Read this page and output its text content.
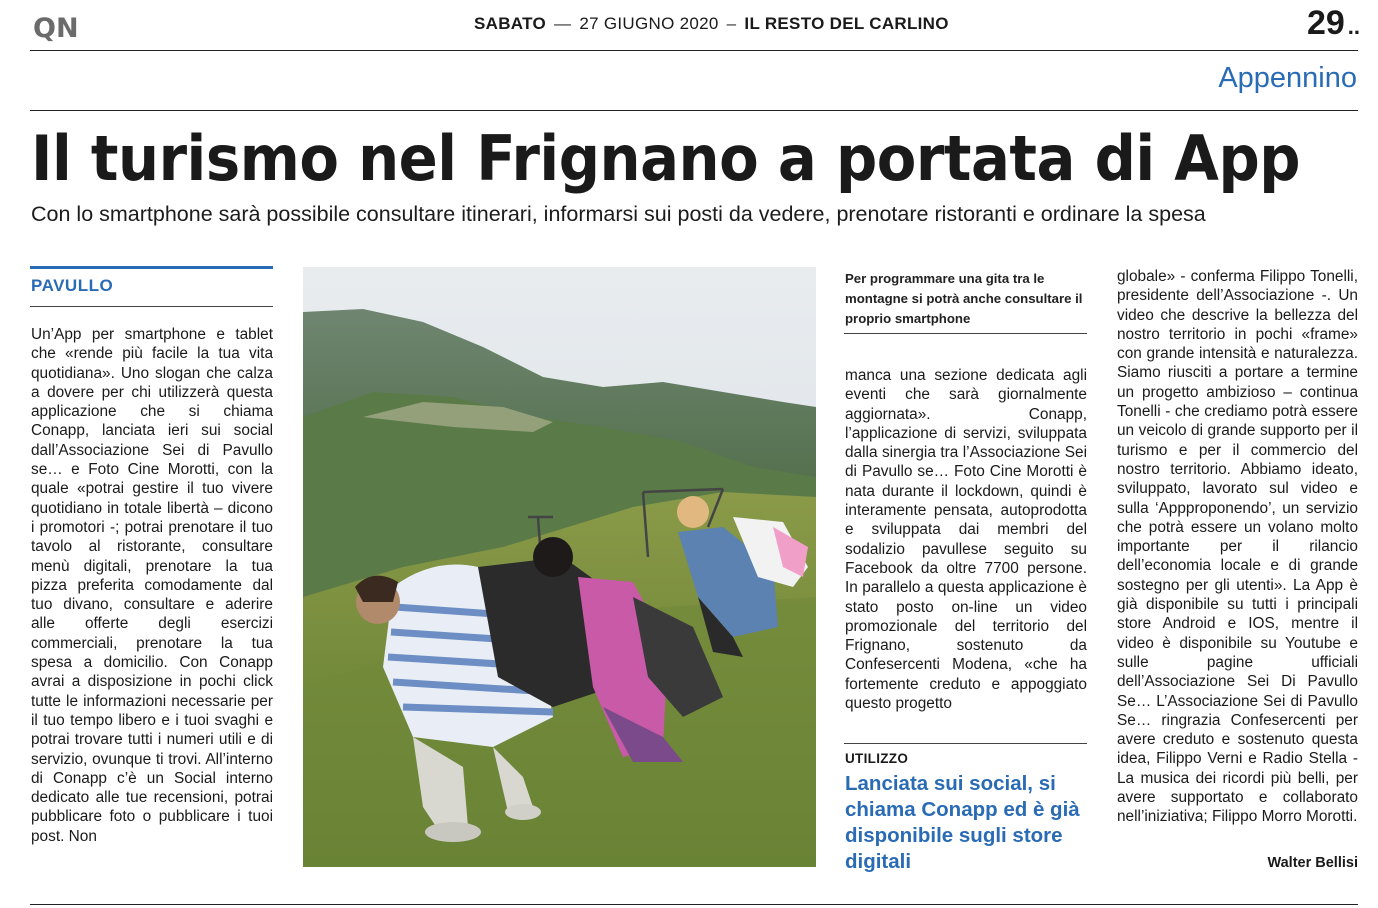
QN	SABATO — 27 GIUGNO 2020 – IL RESTO DEL CARLINO	29 ..
Appennino
Il turismo nel Frignano a portata di App
Con lo smartphone sarà possibile consultare itinerari, informarsi sui posti da vedere, prenotare ristoranti e ordinare la spesa
PAVULLO

Un’App per smartphone e tablet che «rende più facile la tua vita quotidiana». Uno slogan che calza a dovere per chi utilizzerà questa applicazione che si chiama Conapp, lanciata ieri sui social dall’Associazione Sei di Pavullo se… e Foto Cine Morotti, con la quale «potrai gestire il tuo vivere quotidiano in totale libertà – dicono i promotori -; potrai prenotare il tuo tavolo al ristorante, consultare menù digitali, prenotare la tua pizza preferita comodamente dal tuo divano, consultare e aderire alle offerte degli esercizi commerciali, prenotare la tua spesa a domicilio. Con Conapp avrai a disposizione in pochi click tutte le informazioni necessarie per il tuo tempo libero e i tuoi svaghi e potrai trovare tutti i numeri utili e di servizio, ovunque ti trovi. All’interno di Conapp c’è un Social interno dedicato alle tue recensioni, potrai pubblicare foto o pubblicare i tuoi post. Non

Per programmare una gita tra le montagne si potrà anche consultare il proprio smartphone

manca una sezione dedicata agli eventi che sarà giornalmente aggiornata». Conapp, l’applicazione di servizi, sviluppata dalla sinergia tra l’Associazione Sei di Pavullo se… Foto Cine Morotti è nata durante il lockdown, quindi è interamente pensata, autoprodotta e sviluppata dai membri del sodalizio pavullese seguito su Facebook da oltre 7700 persone. In parallelo a questa applicazione è stato posto on-line un video promozionale del territorio del Frignano, sostenuto da Confesercenti Modena, «che ha fortemente creduto e appoggiato questo progetto

UTILIZZO
Lanciata sui social, si chiama Conapp ed è già disponibile sugli store digitali

globale» - conferma Filippo Tonelli, presidente dell’Associazione -. Un video che descrive la bellezza del nostro territorio in pochi «frame» con grande intensità e naturalezza. Siamo riusciti a portare a termine un progetto ambizioso – continua Tonelli - che crediamo potrà essere un veicolo di grande supporto per il turismo e per il commercio del nostro territorio. Abbiamo ideato, sviluppato, lavorato sul video e sulla ‘Appproponendo’, un servizio che potrà essere un volano molto importante per il rilancio dell’economia locale e di grande sostegno per gli utenti». La App è già disponibile su tutti i principali store Android e IOS, mentre il video è disponibile su Youtube e sulle pagine ufficiali dell’Associazione Sei Di Pavullo Se… L’Associazione Sei di Pavullo Se… ringrazia Confesercenti per avere creduto e sostenuto questa idea, Filippo Verni e Radio Stella - La musica dei ricordi più belli, per avere supportato e collaborato nell’iniziativa; Filippo Morro Morotti.

Walter Bellisi
